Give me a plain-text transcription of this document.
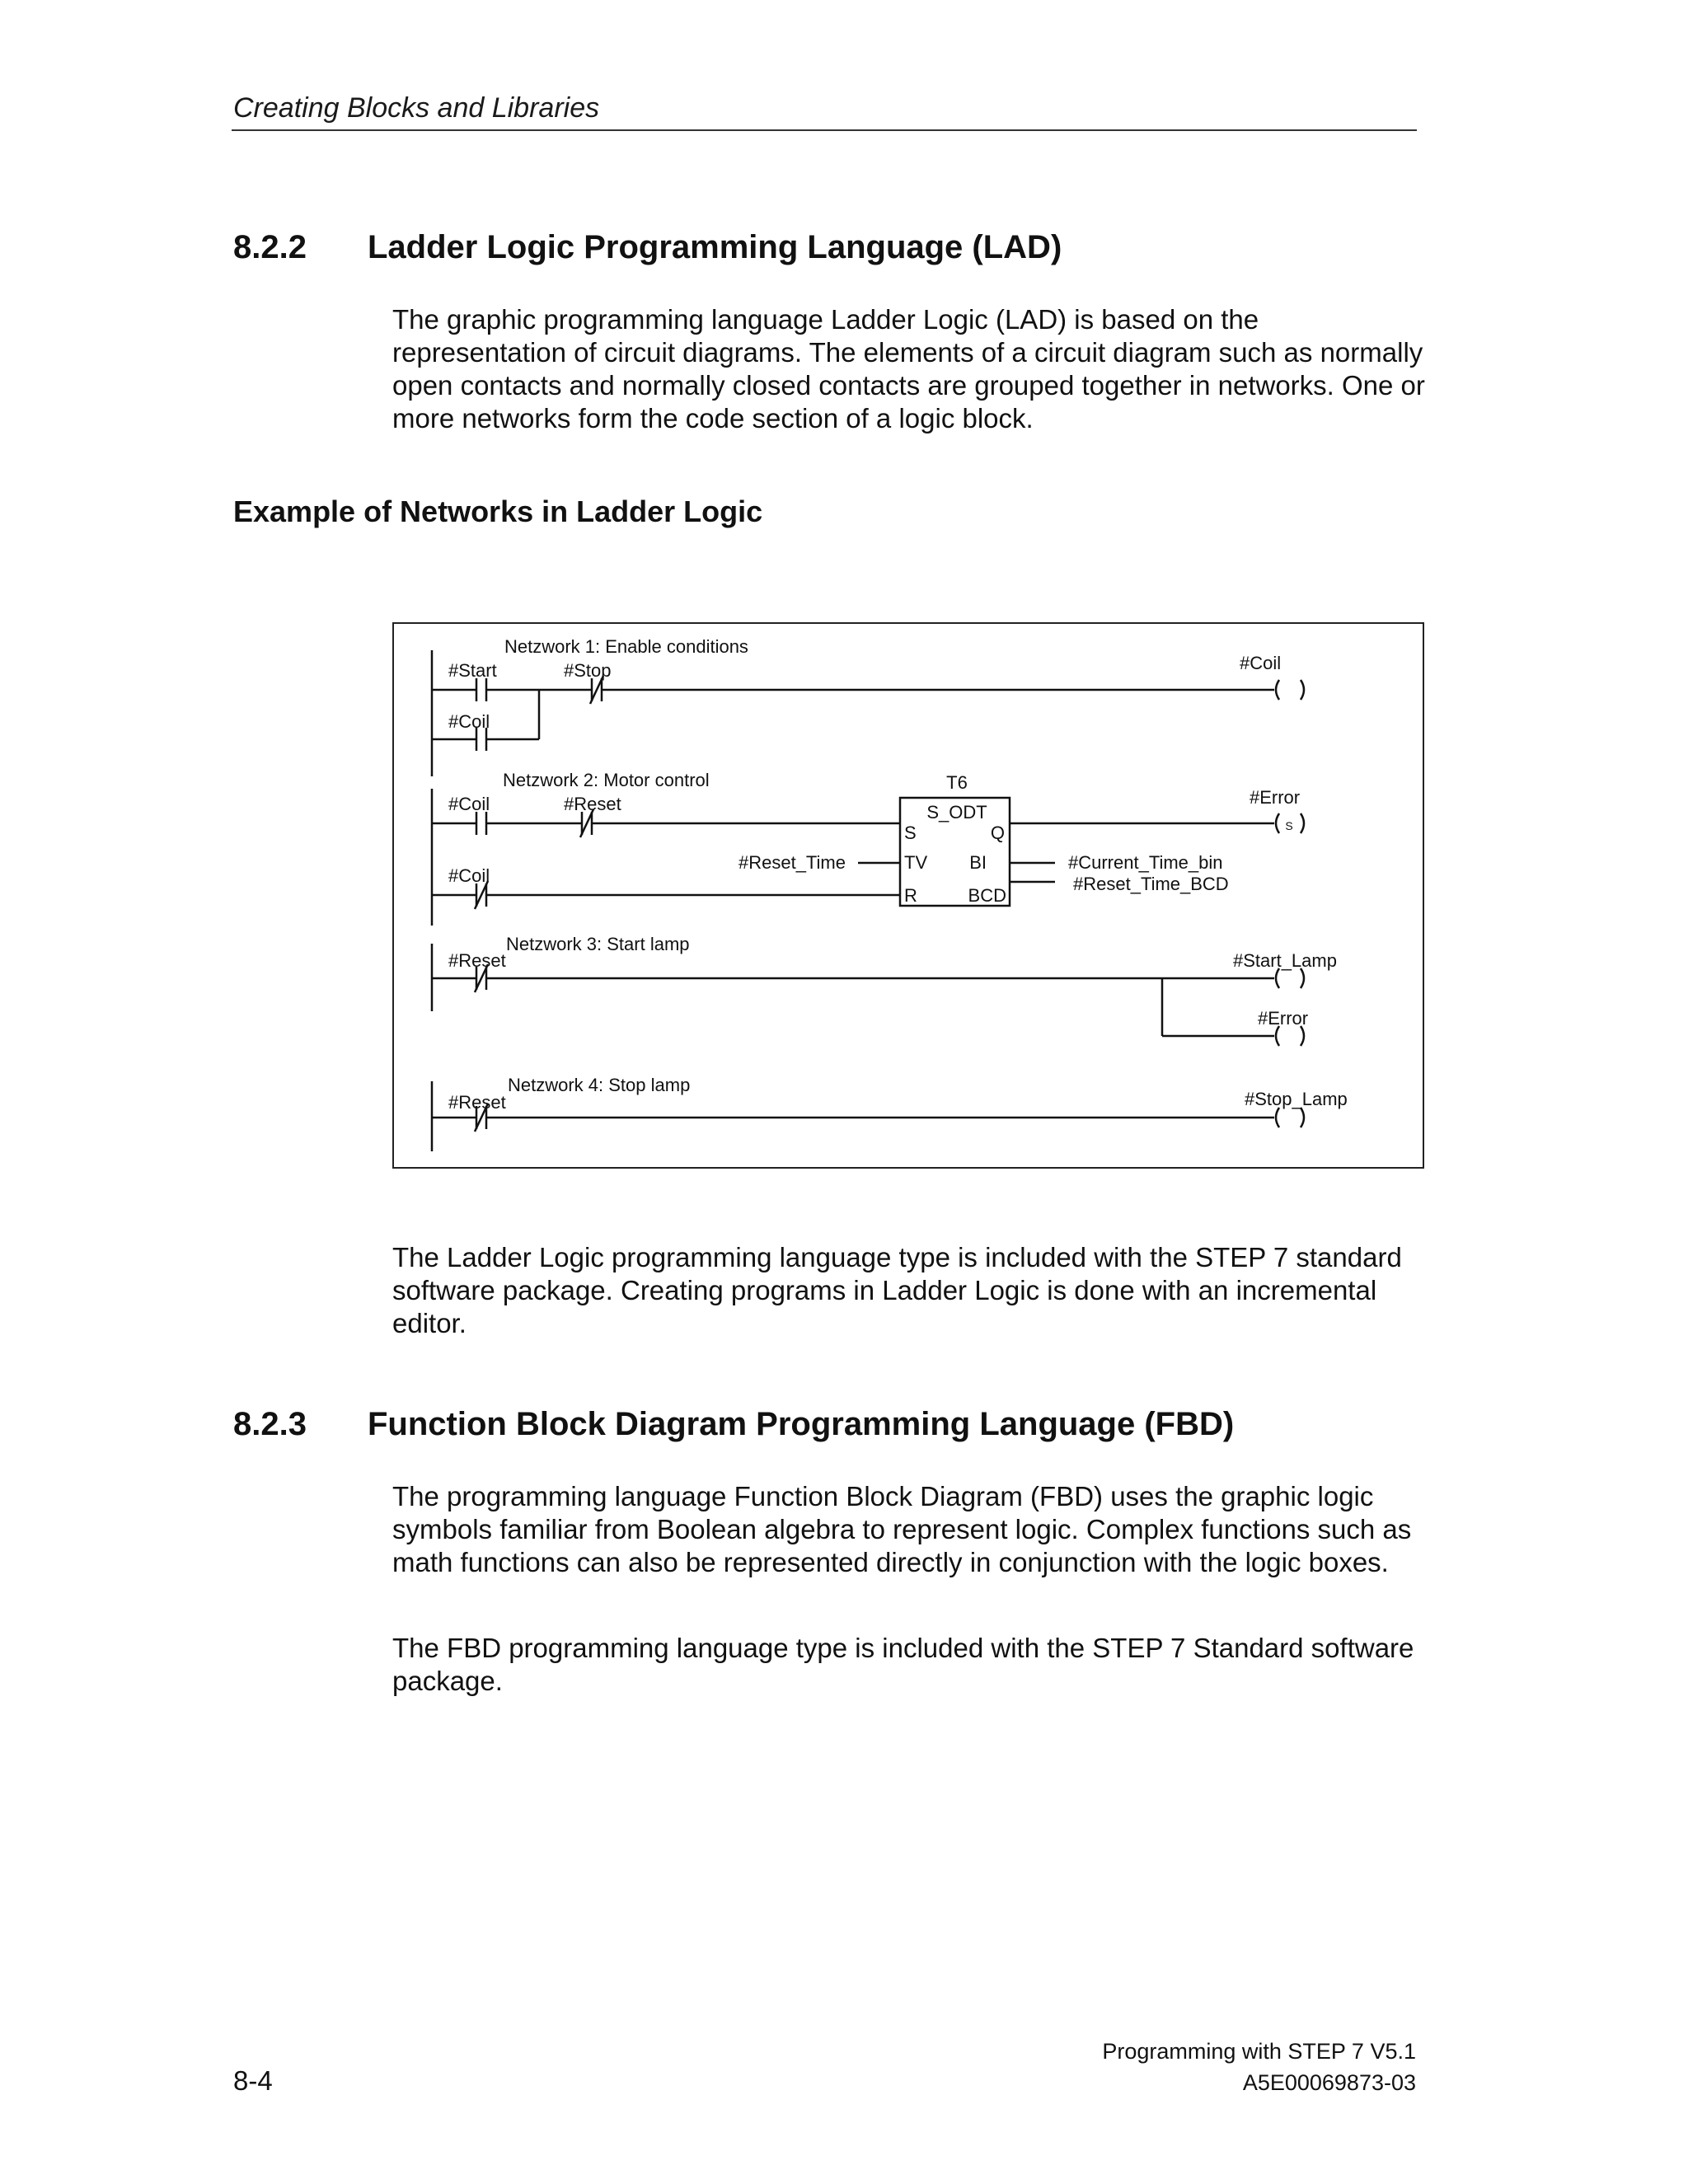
Creating Blocks and Libraries
8.2.2 Ladder Logic Programming Language (LAD)

The graphic programming language Ladder Logic (LAD) is based on the representation of circuit diagrams. The elements of a circuit diagram such as normally open contacts and normally closed contacts are grouped together in networks. One or more networks form the code section of a logic block.

Example of Networks in Ladder Logic
Netzwork 1: Enable conditions
#Start	#Stop
#Coil
#Coil
Netzwork 2: Motor control
#Coil	#Reset
#Coil
T6
S_ODT
S	Q
TV BI
R	BCD
#Reset_Time	#Current_Time_bin
#Reset_Time_BCD
#Error
S
Netzwork 3: Start lamp
#Reset	#Start_Lamp
#Error
Netzwork 4: Stop lamp
#Reset	#Stop_Lamp

The Ladder Logic programming language type is included with the STEP 7 standard software package. Creating programs in Ladder Logic is done with an incremental editor.

8.2.3 Function Block Diagram Programming Language (FBD)

The programming language Function Block Diagram (FBD) uses the graphic logic symbols familiar from Boolean algebra to represent logic. Complex functions such as math functions can also be represented directly in conjunction with the logic boxes.

The FBD programming language type is included with the STEP 7 Standard software package.

Programming with STEP 7 V5.1
A5E00069873-03
8-4
